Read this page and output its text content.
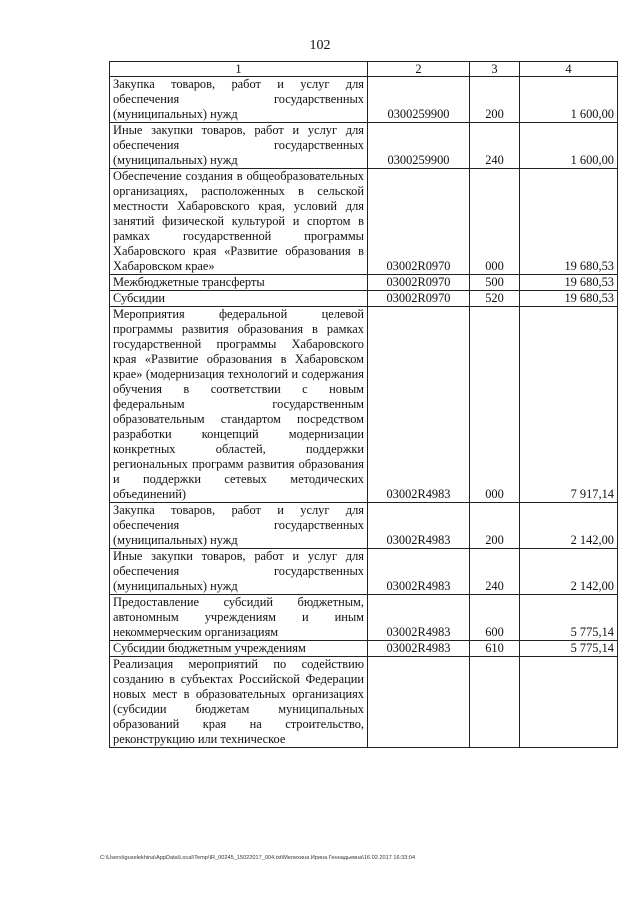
102
1	2	3	4
Закупка товаров, работ и услуг для обеспечения государственных (муниципальных) нужд	0300259900	200	1 600,00
Иные закупки товаров, работ и услуг для обеспечения государственных (муниципальных) нужд	0300259900	240	1 600,00
Обеспечение создания в общеобразовательных организациях, расположенных в сельской местности Хабаровского края, условий для занятий физической культурой и спортом в рамках государственной программы Хабаровского края «Развитие образования в Хабаровском крае»	03002R0970	000	19 680,53
Межбюджетные трансферты	03002R0970	500	19 680,53
Субсидии	03002R0970	520	19 680,53
Мероприятия федеральной целевой программы развития образования в рамках государственной программы Хабаровского края «Развитие образования в Хабаровском крае» (модернизация технологий и содержания обучения в соответствии с новым федеральным государственным образовательным стандартом посредством разработки концепций модернизации конкретных областей, поддержки региональных программ развития образования и поддержки сетевых методических объединений)	03002R4983	000	7 917,14
Закупка товаров, работ и услуг для обеспечения государственных (муниципальных) нужд	03002R4983	200	2 142,00
Иные закупки товаров, работ и услуг для обеспечения государственных (муниципальных) нужд	03002R4983	240	2 142,00
Предоставление субсидий бюджетным, автономным учреждениям и иным некоммерческим организациям	03002R4983	600	5 775,14
Субсидии бюджетным учреждениям	03002R4983	610	5 775,14
Реализация мероприятий по содействию созданию в субъектах Российской Федерации новых мест в образовательных организациях (субсидии бюджетам муниципальных образований края на строительство, реконструкцию или техническое			
C:\Users\iguselekhina\AppData\Local\Temp\IR_00245_15022017_004.txt\Мелехина Ирина Геннадьевна\16.02.2017 16:33:04
